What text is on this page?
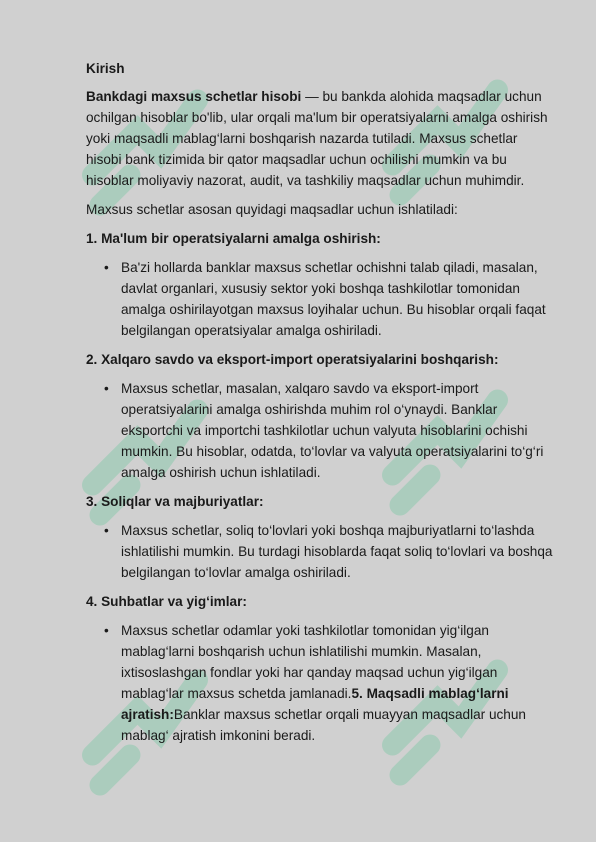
Kirish

Bankdagi maxsus schetlar hisobi — bu bankda alohida maqsadlar uchun ochilgan hisoblar bo'lib, ular orqali ma'lum bir operatsiyalarni amalga oshirish yoki maqsadli mablag‘larni boshqarish nazarda tutiladi. Maxsus schetlar hisobi bank tizimida bir qator maqsadlar uchun ochilishi mumkin va bu hisoblar moliyaviy nazorat, audit, va tashkiliy maqsadlar uchun muhimdir.

Maxsus schetlar asosan quyidagi maqsadlar uchun ishlatiladi:

1. Ma'lum bir operatsiyalarni amalga oshirish:

• Ba'zi hollarda banklar maxsus schetlar ochishni talab qiladi, masalan, davlat organlari, xususiy sektor yoki boshqa tashkilotlar tomonidan amalga oshirilayotgan maxsus loyihalar uchun. Bu hisoblar orqali faqat belgilangan operatsiyalar amalga oshiriladi.

2. Xalqaro savdo va eksport-import operatsiyalarini boshqarish:

• Maxsus schetlar, masalan, xalqaro savdo va eksport-import operatsiyalarini amalga oshirishda muhim rol o‘ynaydi. Banklar eksportchi va importchi tashkilotlar uchun valyuta hisoblarini ochishi mumkin. Bu hisoblar, odatda, to‘lovlar va valyuta operatsiyalarini to‘g‘ri amalga oshirish uchun ishlatiladi.

3. Soliqlar va majburiyatlar:

• Maxsus schetlar, soliq to‘lovlari yoki boshqa majburiyatlarni to‘lashda ishlatilishi mumkin. Bu turdagi hisoblarda faqat soliq to‘lovlari va boshqa belgilangan to‘lovlar amalga oshiriladi.

4. Suhbatlar va yig‘imlar:

• Maxsus schetlar odamlar yoki tashkilotlar tomonidan yig‘ilgan mablag‘larni boshqarish uchun ishlatilishi mumkin. Masalan, ixtisoslashgan fondlar yoki har qanday maqsad uchun yig‘ilgan mablag‘lar maxsus schetda jamlanadi.5. Maqsadli mablag‘larni ajratish:Banklar maxsus schetlar orqali muayyan maqsadlar uchun mablag‘ ajratish imkonini beradi.
